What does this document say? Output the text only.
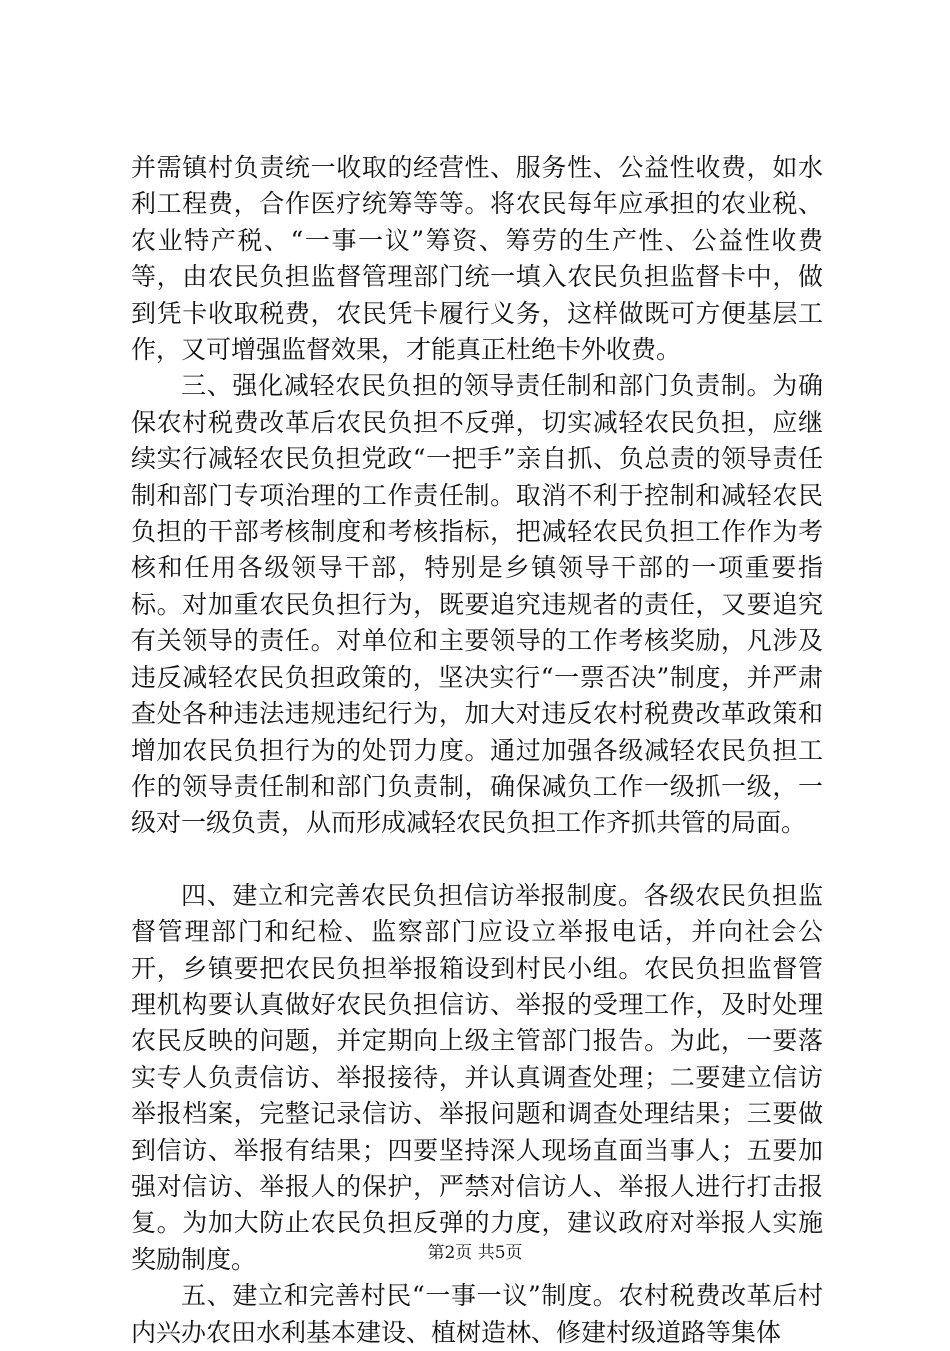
并需镇村负责统一收取的经营性、服务性、公益性收费，如水利工程费，合作医疗统筹等等。将农民每年应承担的农业税、农业特产税、“一事一议”筹资、筹劳的生产性、公益性收费等，由农民负担监督管理部门统一填入农民负担监督卡中，做到凭卡收取税费，农民凭卡履行义务，这样做既可方便基层工作，又可增强监督效果，才能真正杜绝卡外收费。

三、强化减轻农民负担的领导责任制和部门负责制。为确保农村税费改革后农民负担不反弹，切实减轻农民负担，应继续实行减轻农民负担党政“一把手”亲自抓、负总责的领导责任制和部门专项治理的工作责任制。取消不利于控制和减轻农民负担的干部考核制度和考核指标，把减轻农民负担工作作为考核和任用各级领导干部，特别是乡镇领导干部的一项重要指标。对加重农民负担行为，既要追究违规者的责任，又要追究有关领导的责任。对单位和主要领导的工作考核奖励，凡涉及违反减轻农民负担政策的，坚决实行“一票否决”制度，并严肃查处各种违法违规违纪行为，加大对违反农村税费改革政策和增加农民负担行为的处罚力度。通过加强各级减轻农民负担工作的领导责任制和部门负责制，确保减负工作一级抓一级，一级对一级负责，从而形成减轻农民负担工作齐抓共管的局面。

四、建立和完善农民负担信访举报制度。各级农民负担监督管理部门和纪检、监察部门应设立举报电话，并向社会公开，乡镇要把农民负担举报箱设到村民小组。农民负担监督管理机构要认真做好农民负担信访、举报的受理工作，及时处理农民反映的问题，并定期向上级主管部门报告。为此，一要落实专人负责信访、举报接待，并认真调查处理；二要建立信访举报档案，完整记录信访、举报问题和调查处理结果；三要做到信访、举报有结果；四要坚持深人现场直面当事人；五要加强对信访、举报人的保护，严禁对信访人、举报人进行打击报复。为加大防止农民负担反弹的力度，建议政府对举报人实施奖励制度。

五、建立和完善村民“一事一议”制度。农村税费改革后村内兴办农田水利基本建设、植树造林、修建村级道路等集体

第2页 共5页
